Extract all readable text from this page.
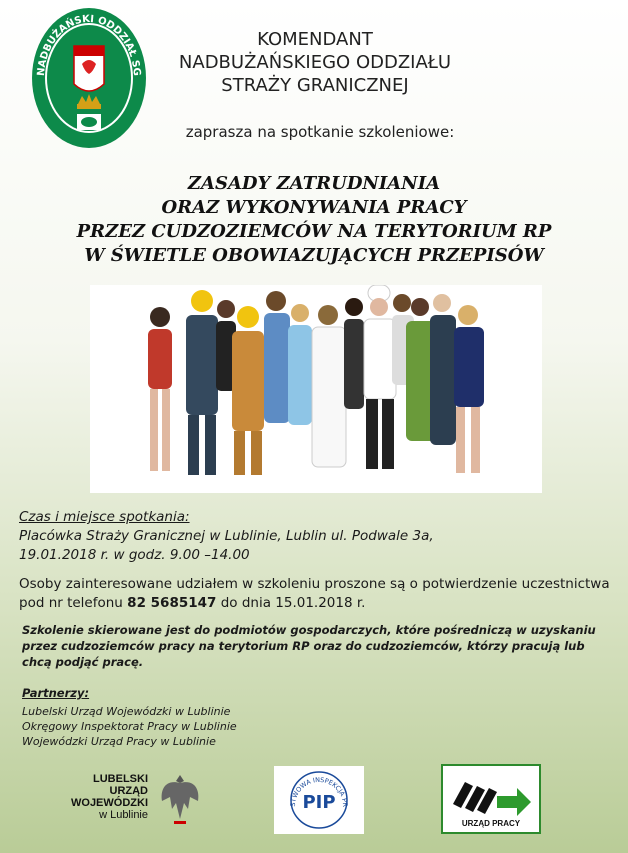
NADBUŻAŃSKI ODDZIAŁ SG
KOMENDANT
NADBUŻAŃSKIEGO ODDZIAŁU
STRAŻY GRANICZNEJ
zaprasza na spotkanie szkoleniowe:
ZASADY ZATRUDNIANIA
ORAZ WYKONYWANIA PRACY
PRZEZ CUDZOZIEMCÓW NA TERYTORIUM RP
W ŚWIETLE OBOWIAZUJĄCYCH PRZEPISÓW
Czas i miejsce spotkania:
Placówka Straży Granicznej w Lublinie, Lublin ul. Podwale 3a,
19.01.2018 r. w godz. 9.00 –14.00
Osoby zainteresowane udziałem w szkoleniu proszone są o potwierdzenie uczestnictwa
pod nr telefonu 82 5685147 do dnia 15.01.2018 r.
Szkolenie skierowane jest do podmiotów gospodarczych, które pośredniczą w uzyskaniu przez cudzoziemców pracy na terytorium RP oraz do cudzoziemców, którzy pracują lub chcą podjąć pracę.
Partnerzy:
Lubelski Urząd Wojewódzki w Lublinie
Okręgowy Inspektorat Pracy w Lublinie
Wojewódzki Urząd Pracy w Lublinie
LUBELSKI
URZĄD
WOJEWÓDZKI
w Lublinie
STWOWA INSPEKCJA PR
PIP
URZĄD PRACY
